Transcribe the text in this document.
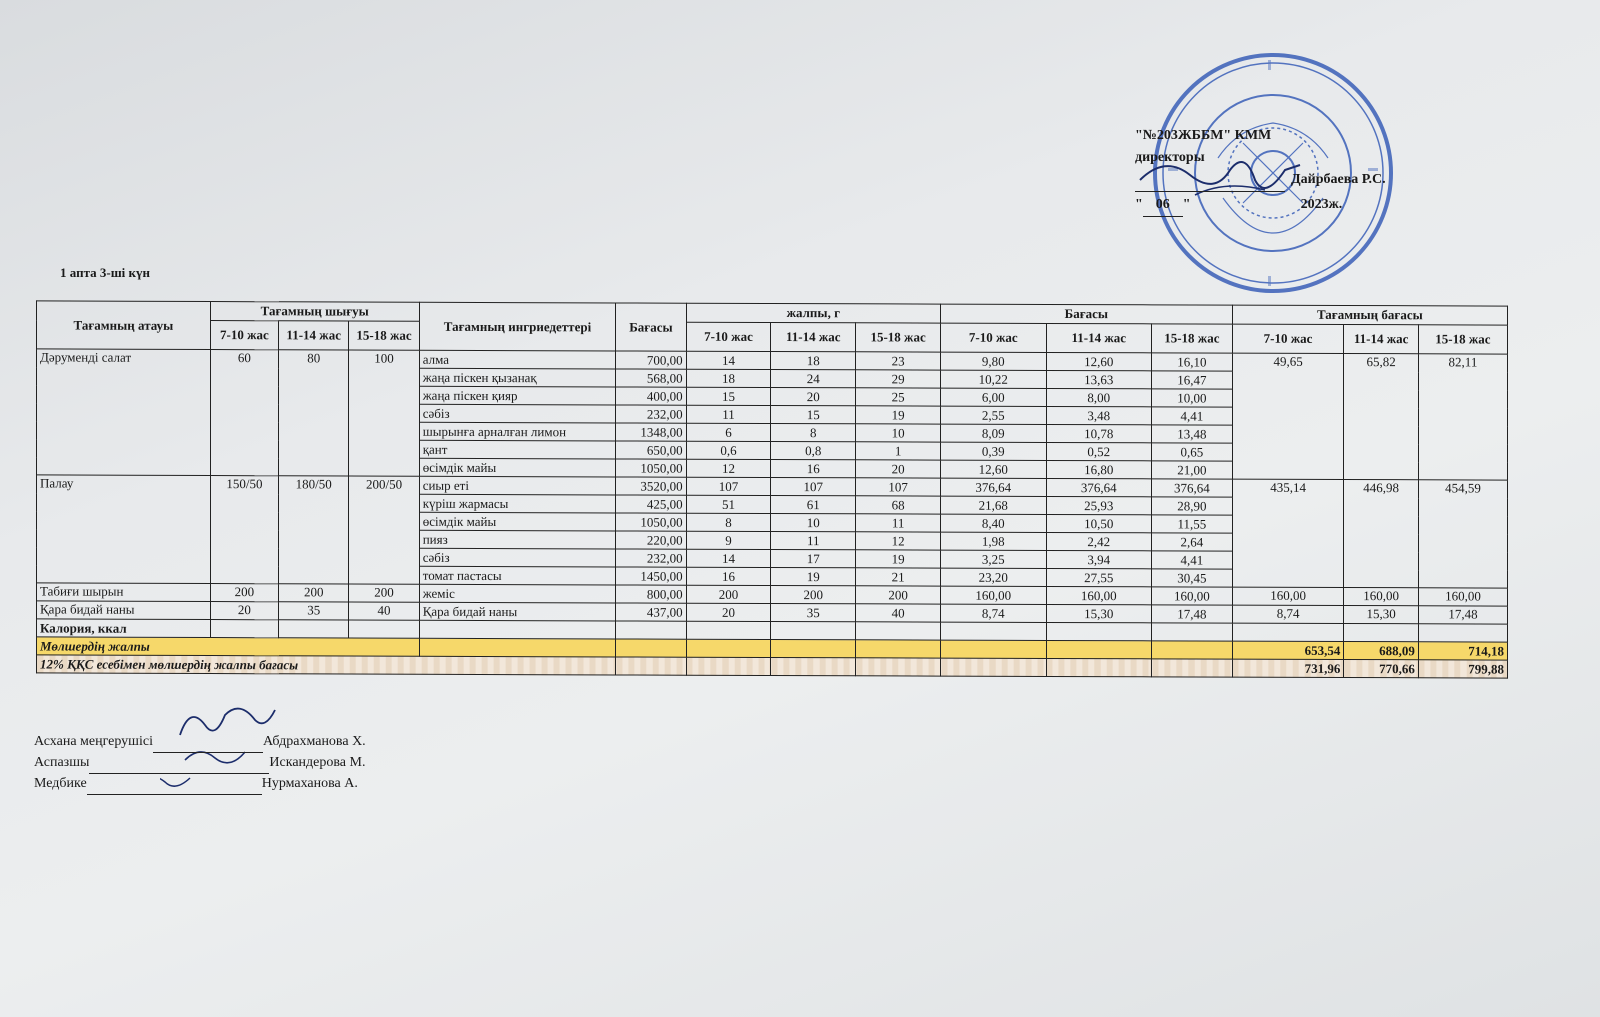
"№203ЖББМ" КММ
директоры
Дайрбаева Р.С.
" 06 "	2023ж.
1 апта 3-ші күн
Тағамның атауы	Тағамның шығуы			Тағамның ингриедеттері	Бағасы	жалпы, г			Бағасы			Тағамның бағасы		
	7-10 жас	11-14 жас	15-18 жас			7-10 жас	11-14 жас	15-18 жас	7-10 жас	11-14 жас	15-18 жас	7-10 жас	11-14 жас	15-18 жас
Дәруменді салат	60	80	100	алма	700,00	14	18	23	9,80	12,60	16,10	49,65	65,82	82,11
				жаңа піскен қызанақ	568,00	18	24	29	10,22	13,63	16,47			
				жаңа піскен қияр	400,00	15	20	25	6,00	8,00	10,00			
				сәбіз	232,00	11	15	19	2,55	3,48	4,41			
				шырынға арналған лимон	1348,00	6	8	10	8,09	10,78	13,48			
				қант	650,00	0,6	0,8	1	0,39	0,52	0,65			
				өсімдік майы	1050,00	12	16	20	12,60	16,80	21,00			
Палау	150/50	180/50	200/50	сиыр еті	3520,00	107	107	107	376,64	376,64	376,64	435,14	446,98	454,59
				күріш жармасы	425,00	51	61	68	21,68	25,93	28,90			
				өсімдік майы	1050,00	8	10	11	8,40	10,50	11,55			
				пияз	220,00	9	11	12	1,98	2,42	2,64			
				сәбіз	232,00	14	17	19	3,25	3,94	4,41			
				томат пастасы	1450,00	16	19	21	23,20	27,55	30,45			
Табиғи шырын	200	200	200	жеміс	800,00	200	200	200	160,00	160,00	160,00	160,00	160,00	160,00
Қара бидай наны	20	35	40	Қара бидай наны	437,00	20	35	40	8,74	15,30	17,48	8,74	15,30	17,48
Калория, ккал														
Мөлшердің жалпы												653,54	688,09	714,18
12% ҚҚС есебімен мөлшердің жалпы бағасы												731,96	770,66	799,88
Асхана меңгерушісі	Абдрахманова Х.
Аспазшы	Искандерова М.
Медбике	Нурмаханова А.
